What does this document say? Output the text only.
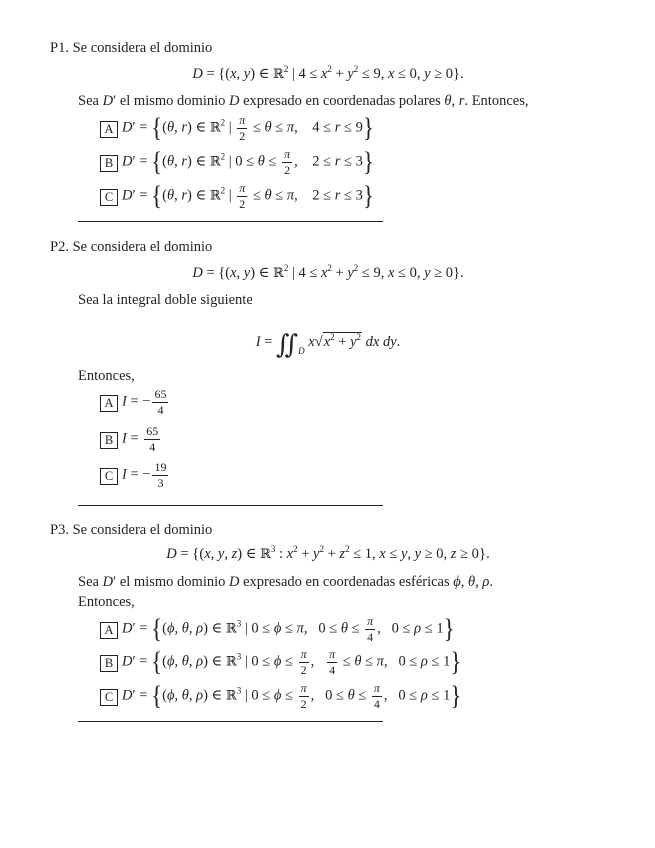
P1. Se considera el dominio
D = {(x, y) ∈ ℝ$^2$ | $4 \le x^2 + y^2 \le 9$, x ≤ 0, y ≥ 0}.
Sea D′ el mismo dominio D expresado en coordenadas polares θ, r. Entonces,
A D′ = {(θ, r) ∈ ℝ$^2$ | $\frac{\pi}{2} \le \theta \le \pi$,    4 ≤ r ≤ 9}
B D′ = {(θ, r) ∈ ℝ$^2$ | $0 \le \theta \le \frac{\pi}{2}$ ,    2 ≤ r ≤ 3}
C D′ = {(θ, r) ∈ ℝ$^2$ | $\frac{\pi}{2} \le \theta \le \pi$,    2 ≤ r ≤ 3}
P2. Se considera el dominio
D = {(x, y) ∈ ℝ$^2$ | $4 \le x^2 + y^2 \le 9$, x ≤ 0, y ≥ 0}.
Sea la integral doble siguiente
$I = ∬_D$ $x√x^2 + y^2$ dx dy.
Entonces,
A I = − $\frac{65}{4}$
B $I = \frac{65}{4}$
C I = − $\frac{19}{3}$
P3. Se considera el dominio
D = {(x, y, z) ∈ ℝ$^3$ : $x^2 + y^2 + z^2 \le 1$, x ≤ y, y ≥ 0, z ≥ 0}.
Sea D′ el mismo dominio D expresado en coordenadas esféricas ϕ, θ, ρ.
Entonces,
A D′ = {(ϕ, θ, ρ) ∈ ℝ$^3$ | 0 ≤ ϕ ≤ π,   $0 \le \theta \le \frac{\pi}{4}$ ,   0 ≤ ρ ≤ 1}
B D′ = {(ϕ, θ, ρ) ∈ ℝ$^3$ | $0 \le \phi \le \frac{\pi}{2}$ , $\frac{\pi}{4} \le \theta \le \pi$,   0 ≤ ρ ≤ 1}
C D′ = {(ϕ, θ, ρ) ∈ ℝ$^3$ | $0 \le \phi \le \frac{\pi}{2}$ ,   $0 \le \theta \le \frac{\pi}{4}$ ,   0 ≤ ρ ≤ 1}
